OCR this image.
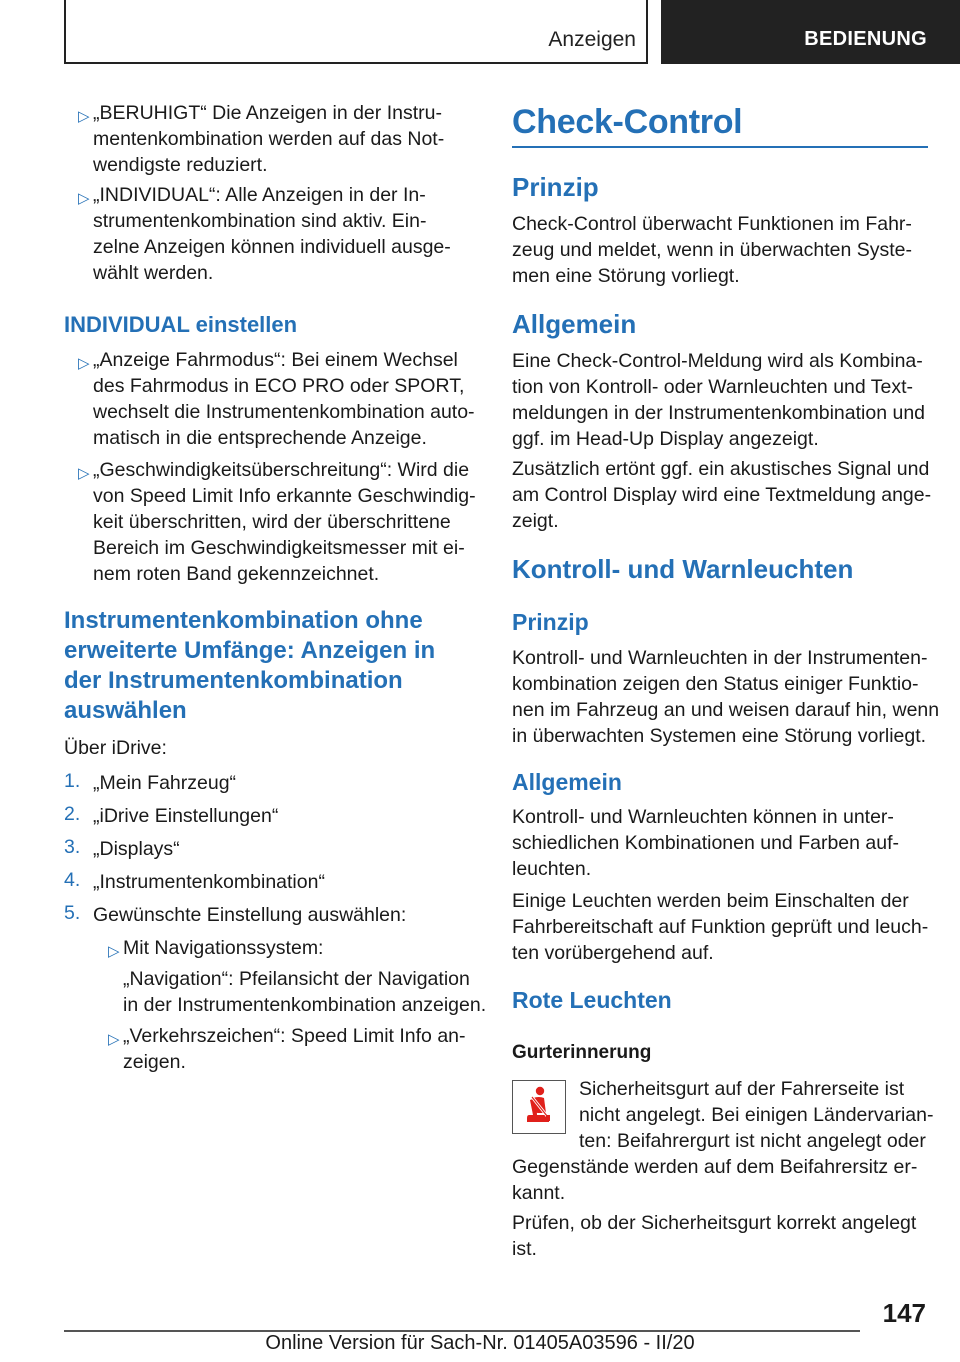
Anzeigen	BEDIENUNG
▷ „BERUHIGT“ Die Anzeigen in der Instru-
mentenkombination werden auf das Not-
wendigste reduziert.
▷ „INDIVIDUAL“: Alle Anzeigen in der In-
strumentenkombination sind aktiv. Ein-
zelne Anzeigen können individuell ausge-
wählt werden.
INDIVIDUAL einstellen
▷ „Anzeige Fahrmodus“: Bei einem Wechsel
des Fahrmodus in ECO PRO oder SPORT,
wechselt die Instrumentenkombination auto-
matisch in die entsprechende Anzeige.
▷ „Geschwindigkeitsüberschreitung“: Wird die
von Speed Limit Info erkannte Geschwindig-
keit überschritten, wird der überschrittene
Bereich im Geschwindigkeitsmesser mit ei-
nem roten Band gekennzeichnet.
Instrumentenkombination ohne
erweiterte Umfänge: Anzeigen in
der Instrumentenkombination
auswählen
Über iDrive:
1. „Mein Fahrzeug“
2. „iDrive Einstellungen“
3. „Displays“
4. „Instrumentenkombination“
5. Gewünschte Einstellung auswählen:
▷ Mit Navigationssystem:
„Navigation“: Pfeilansicht der Navigation
in der Instrumentenkombination anzeigen.
▷ „Verkehrszeichen“: Speed Limit Info an-
zeigen.
Check-Control
Prinzip
Check-Control überwacht Funktionen im Fahr-
zeug und meldet, wenn in überwachten Syste-
men eine Störung vorliegt.
Allgemein
Eine Check-Control-Meldung wird als Kombina-
tion von Kontroll- oder Warnleuchten und Text-
meldungen in der Instrumentenkombination und
ggf. im Head-Up Display angezeigt.
Zusätzlich ertönt ggf. ein akustisches Signal und
am Control Display wird eine Textmeldung ange-
zeigt.
Kontroll- und Warnleuchten
Prinzip
Kontroll- und Warnleuchten in der Instrumenten-
kombination zeigen den Status einiger Funktio-
nen im Fahrzeug an und weisen darauf hin, wenn
in überwachten Systemen eine Störung vorliegt.
Allgemein
Kontroll- und Warnleuchten können in unter-
schiedlichen Kombinationen und Farben auf-
leuchten.
Einige Leuchten werden beim Einschalten der
Fahrbereitschaft auf Funktion geprüft und leuch-
ten vorübergehend auf.
Rote Leuchten
Gurterinnerung
Sicherheitsgurt auf der Fahrerseite ist
nicht angelegt. Bei einigen Ländervarian-
ten: Beifahrergurt ist nicht angelegt oder
Gegenstände werden auf dem Beifahrersitz er-
kannt.
Prüfen, ob der Sicherheitsgurt korrekt angelegt
ist.
147
Online Version für Sach-Nr. 01405A03596 - II/20
